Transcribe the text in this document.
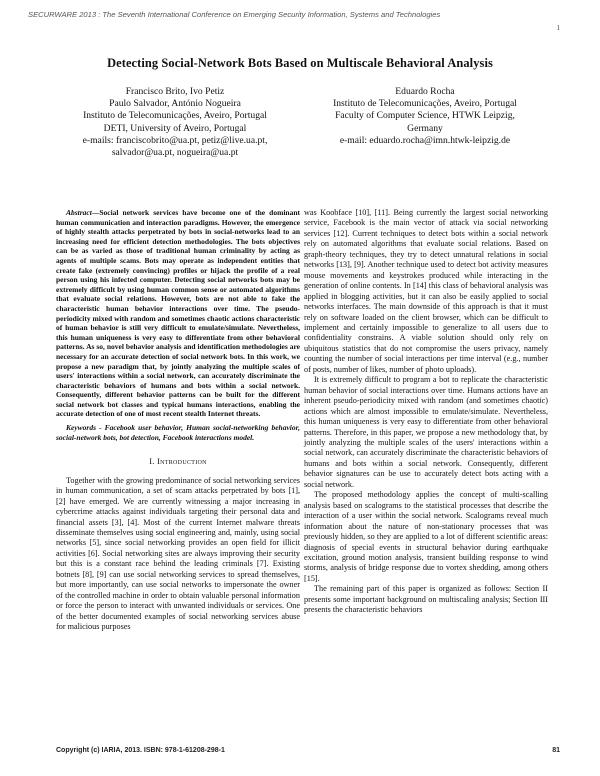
SECURWARE 2013 : The Seventh International Conference on Emerging Security Information, Systems and Technologies
1
Detecting Social-Network Bots Based on Multiscale Behavioral Analysis
Francisco Brito, Ivo Petiz
Paulo Salvador, António Nogueira
Instituto de Telecomunicações, Aveiro, Portugal
DETI, University of Aveiro, Portugal
e-mails: franciscobrito@ua.pt, petiz@live.ua.pt,
salvador@ua.pt, nogueira@ua.pt
Eduardo Rocha
Instituto de Telecomunicações, Aveiro, Portugal
Faculty of Computer Science, HTWK Leipzig,
Germany
e-mail: eduardo.rocha@imn.htwk-leipzig.de

Abstract—Social network services have become one of the dominant human communication and interaction paradigms. However, the emergence of highly stealth attacks perpetrated by bots in social-networks lead to an increasing need for efficient detection methodologies. The bots objectives can be as varied as those of traditional human criminality by acting as agents of multiple scams. Bots may operate as independent entities that create fake (extremely convincing) profiles or hijack the profile of a real person using his infected computer. Detecting social networks bots may be extremely difficult by using human common sense or automated algorithms that evaluate social relations. However, bots are not able to fake the characteristic human behavior interactions over time. The pseudo-periodicity mixed with random and sometimes chaotic actions characteristic of human behavior is still very difficult to emulate/simulate. Nevertheless, this human uniqueness is very easy to differentiate from other behavioral patterns. As so, novel behavior analysis and identification methodologies are necessary for an accurate detection of social network bots. In this work, we propose a new paradigm that, by jointly analyzing the multiple scales of users' interactions within a social network, can accurately discriminate the characteristic behaviors of humans and bots within a social network. Consequently, different behavior patterns can be built for the different social network bot classes and typical humans interactions, enabling the accurate detection of one of most recent stealth Internet threats.

Keywords - Facebook user behavior, Human social-networking behavior, social-network bots, bot detection, Facebook interactions model.

I. Introduction

Together with the growing predominance of social networking services in human communication, a set of scam attacks perpetrated by bots [1], [2] have emerged. We are currently witnessing a major increasing in cybercrime attacks against individuals targeting their personal data and financial assets [3], [4]. Most of the current Internet malware threats disseminate themselves using social engineering and, mainly, using social networks [5], since social networking provides an open field for illicit activities [6]. Social networking sites are always improving their security but this is a constant race behind the leading criminals [7]. Existing botnets [8], [9] can use social networking services to spread themselves, but more importantly, can use social networks to impersonate the owner of the controlled machine in order to obtain valuable personal information or force the person to interact with unwanted individuals or services. One of the better documented examples of social networking services abuse for malicious purposes

was Koobface [10], [11]. Being currently the largest social networking service, Facebook is the main vector of attack via social networking services [12]. Current techniques to detect bots within a social network rely on automated algorithms that evaluate social relations. Based on graph-theory techniques, they try to detect unnatural relations in social networks [13], [9]. Another technique used to detect bot activity measures mouse movements and keystrokes produced while interacting in the generation of online contents. In [14] this class of behavioral analysis was applied in blogging activities, but it can also be easily applied to social networks interfaces. The main downside of this approach is that it must rely on software loaded on the client browser, which can be difficult to implement and certainly impossible to generalize to all users due to confidentiality constrains. A viable solution should only rely on ubiquitous statistics that do not compromise the users privacy, namely counting the number of social interactions per time interval (e.g., number of posts, number of likes, number of photo uploads).

It is extremely difficult to program a bot to replicate the characteristic human behavior of social interactions over time. Humans actions have an inherent pseudo-periodicity mixed with random (and sometimes chaotic) actions which are almost impossible to emulate/simulate. Nevertheless, this human uniqueness is very easy to differentiate from other behavioral patterns. Therefore, in this paper, we propose a new methodology that, by jointly analyzing the multiple scales of the users' interactions within a social network, can accurately discriminate the characteristic behaviors of humans and bots within a social network. Consequently, different behavior signatures can be use to accurately detect bots acting with a social network.

The proposed methodology applies the concept of multi-scalling analysis based on scalograms to the statistical processes that describe the interaction of a user within the social network. Scalograms reveal much information about the nature of non-stationary processes that was previously hidden, so they are applied to a lot of different scientific areas: diagnosis of special events in structural behavior during earthquake excitation, ground motion analysis, transient building response to wind storms, analysis of bridge response due to vortex shedding, among others [15].

The remaining part of this paper is organized as follows: Section II presents some important background on multiscaling analysis; Section III presents the characteristic behaviors

Copyright (c) IARIA, 2013. ISBN: 978-1-61208-298-1	81
